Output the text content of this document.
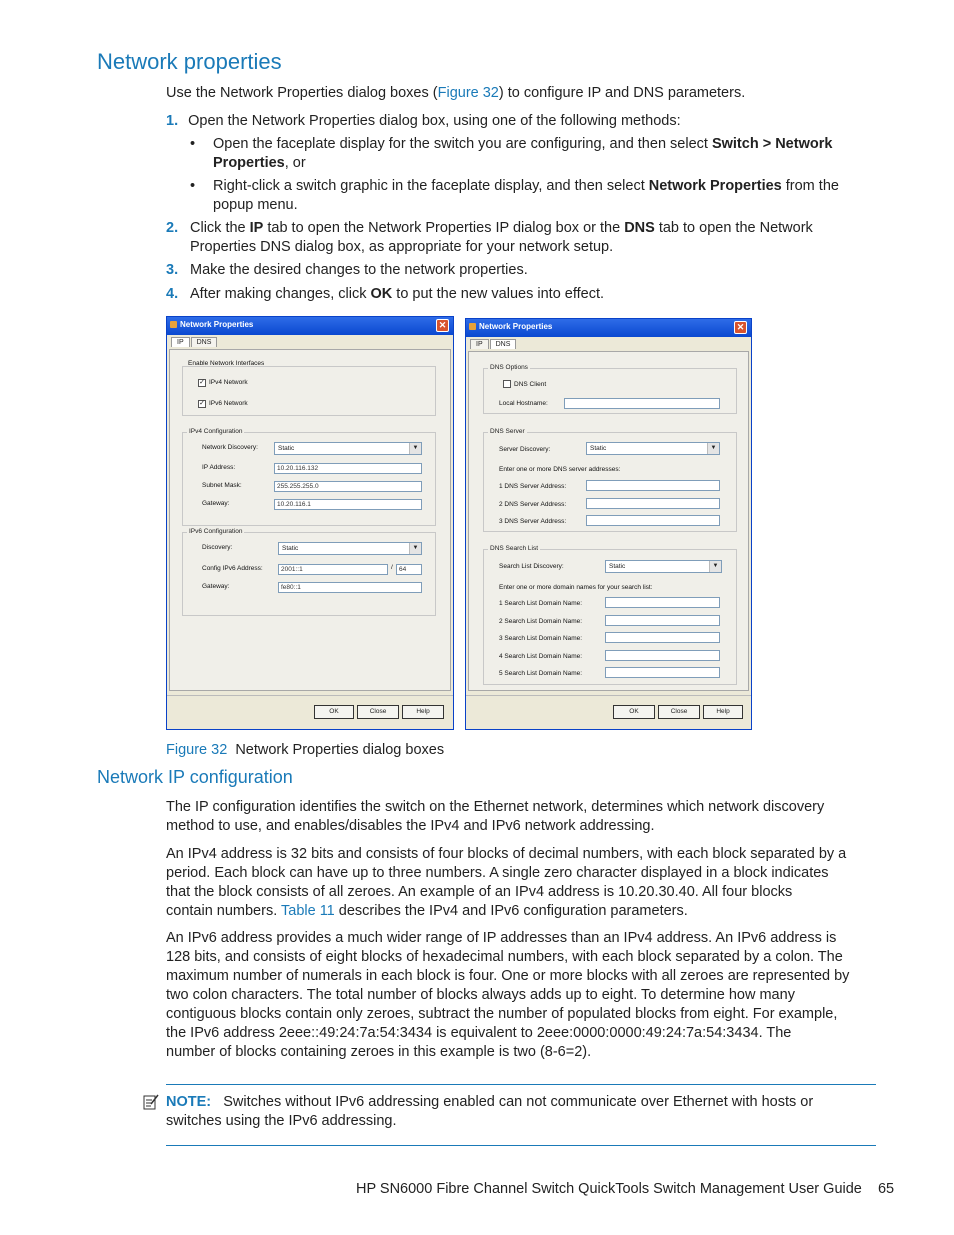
Network properties
Use the Network Properties dialog boxes (Figure 32) to configure IP and DNS parameters.
1. Open the Network Properties dialog box, using one of the following methods:
• Open the faceplate display for the switch you are configuring, and then select Switch > Network
Properties, or
• Right-click a switch graphic in the faceplate display, and then select Network Properties from the
popup menu.
2. Click the IP tab to open the Network Properties IP dialog box or the DNS tab to open the Network
Properties DNS dialog box, as appropriate for your network setup.
3. Make the desired changes to the network properties.
4. After making changes, click OK to put the new values into effect.
Network Properties	✕
IP	DNS
Enable Network Interfaces
✓ IPv4 Network
✓ IPv6 Network
IPv4 Configuration
Network Discovery:	Static	▼
IP Address:	10.20.116.132
Subnet Mask:	255.255.255.0
Gateway:	10.20.116.1
IPv6 Configuration
Discovery:	Static	▼
Config IPv6 Address:	2001::1	/ 64
Gateway:	fe80::1
OK	Close	Help
Network Properties	✕
IP	DNS
DNS Options
DNS Client
Local Hostname:
DNS Server
Server Discovery:	Static	▼
Enter one or more DNS server addresses:
1 DNS Server Address:
2 DNS Server Address:
3 DNS Server Address:
DNS Search List
Search List Discovery:	Static	▼
Enter one or more domain names for your search list:
1 Search List Domain Name:
2 Search List Domain Name:
3 Search List Domain Name:
4 Search List Domain Name:
5 Search List Domain Name:
OK	Close	Help
Figure 32 Network Properties dialog boxes
Network IP configuration
The IP configuration identifies the switch on the Ethernet network, determines which network discovery
method to use, and enables/disables the IPv4 and IPv6 network addressing.
An IPv4 address is 32 bits and consists of four blocks of decimal numbers, with each block separated by a
period. Each block can have up to three numbers. A single zero character displayed in a block indicates
that the block consists of all zeroes. An example of an IPv4 address is 10.20.30.40. All four blocks
contain numbers. Table 11 describes the IPv4 and IPv6 configuration parameters.
An IPv6 address provides a much wider range of IP addresses than an IPv4 address. An IPv6 address is
128 bits, and consists of eight blocks of hexadecimal numbers, with each block separated by a colon. The
maximum number of numerals in each block is four. One or more blocks with all zeroes are represented by
two colon characters. The total number of blocks always adds up to eight. To determine how many
contiguous blocks contain only zeroes, subtract the number of populated blocks from eight. For example,
the IPv6 address 2eee::49:24:7a:54:3434 is equivalent to 2eee:0000:0000:49:24:7a:54:3434. The
number of blocks containing zeroes in this example is two (8-6=2).
NOTE: Switches without IPv6 addressing enabled can not communicate over Ethernet with hosts or
switches using the IPv6 addressing.
HP SN6000 Fibre Channel Switch QuickTools Switch Management User Guide 65
